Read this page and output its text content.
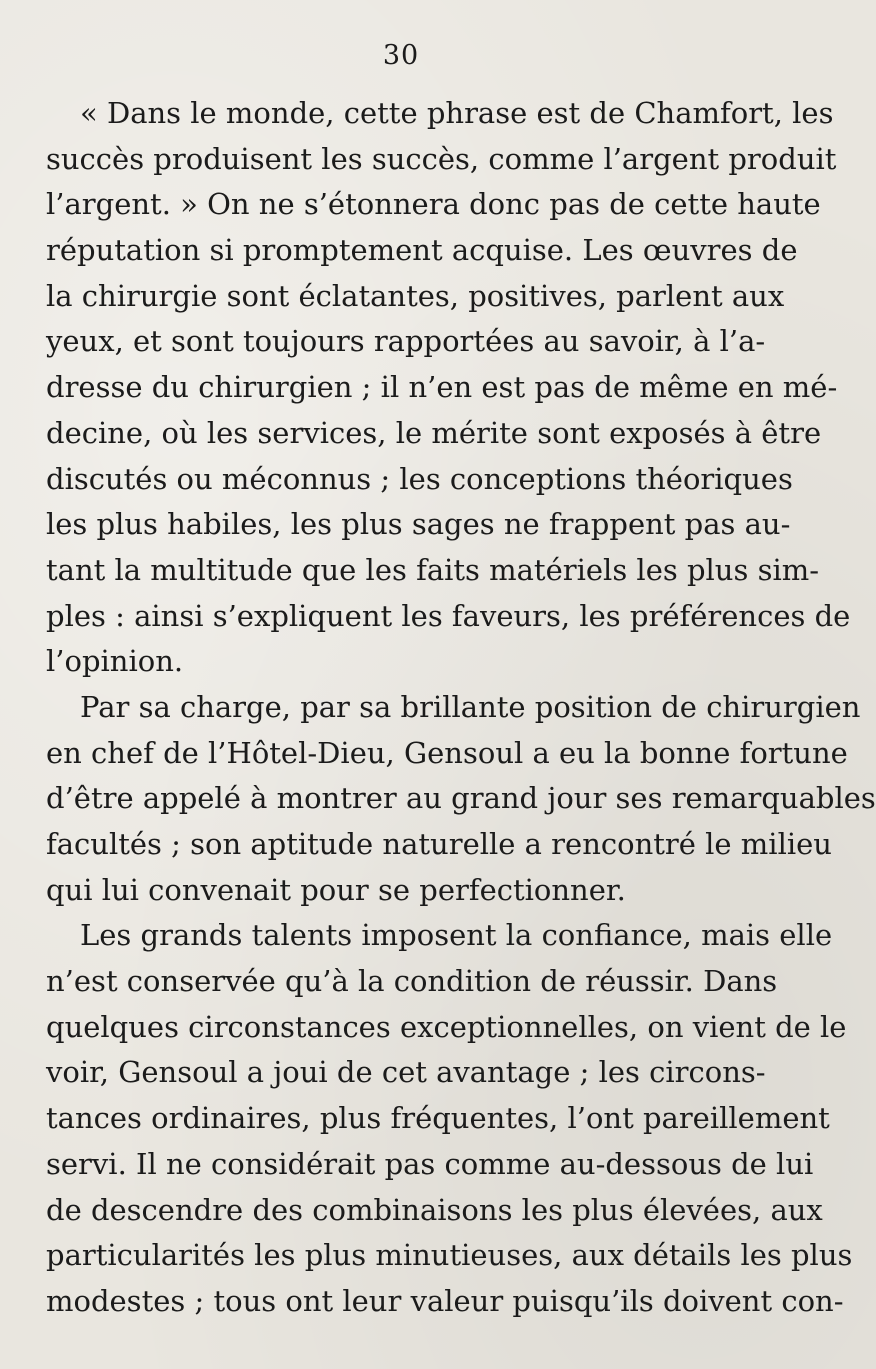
30
« Dans le monde, cette phrase est de Chamfort, les
succès produisent les succès, comme l’argent produit
l’argent. » On ne s’étonnera donc pas de cette haute
réputation si promptement acquise. Les œuvres de
la chirurgie sont éclatantes, positives, parlent aux
yeux, et sont toujours rapportées au savoir, à l’a-
dresse du chirurgien ; il n’en est pas de même en mé-
decine, où les services, le mérite sont exposés à être
discutés ou méconnus ; les conceptions théoriques
les plus habiles, les plus sages ne frappent pas au-
tant la multitude que les faits matériels les plus sim-
ples : ainsi s’expliquent les faveurs, les préférences de
l’opinion.
Par sa charge, par sa brillante position de chirurgien
en chef de l’Hôtel-Dieu, Gensoul a eu la bonne fortune
d’être appelé à montrer au grand jour ses remarquables
facultés ; son aptitude naturelle a rencontré le milieu
qui lui convenait pour se perfectionner.
Les grands talents imposent la confiance, mais elle
n’est conservée qu’à la condition de réussir. Dans
quelques circonstances exceptionnelles, on vient de le
voir, Gensoul a joui de cet avantage ; les circons-
tances ordinaires, plus fréquentes, l’ont pareillement
servi. Il ne considérait pas comme au-dessous de lui
de descendre des combinaisons les plus élevées, aux
particularités les plus minutieuses, aux détails les plus
modestes ; tous ont leur valeur puisqu’ils doivent con-
